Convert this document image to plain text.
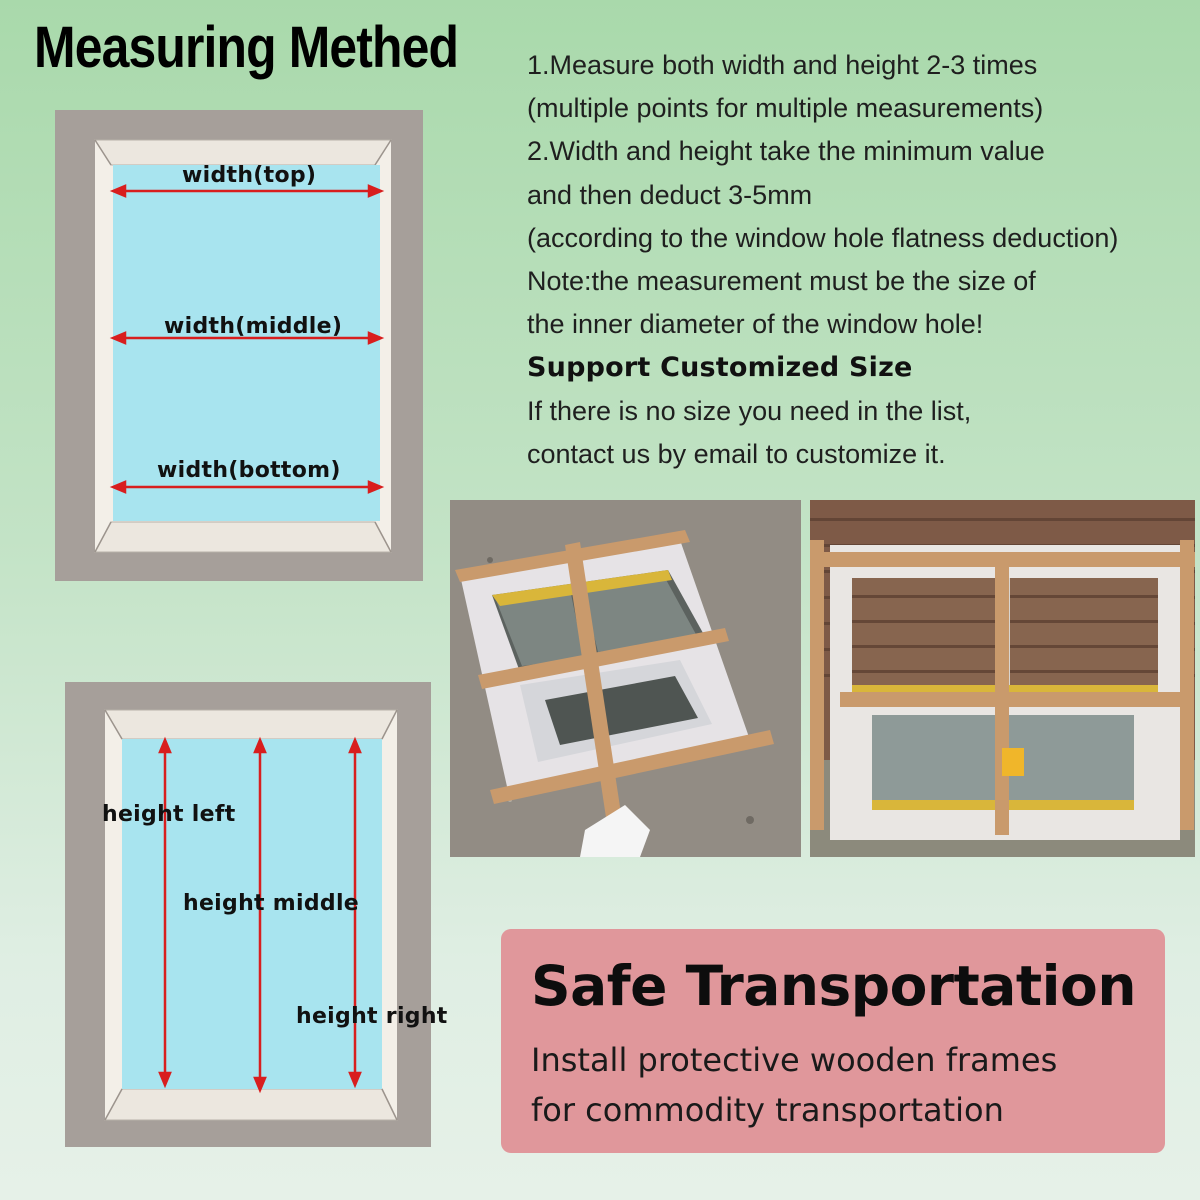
Measuring Methed	1.Measure both width and height 2-3 times
(multiple points for multiple measurements)
2.Width and height take the minimum value
and then deduct 3-5mm
(according to the window hole flatness deduction)
Note:the measurement must be the size of
the inner diameter of the window hole!
Support Customized Size
If there is no size you need in the list,
contact us by email to customize it.
width(top)
width(middle)
width(bottom)
height left
height middle
height right Safe Transportation
Install protective wooden frames
for commodity transportation
